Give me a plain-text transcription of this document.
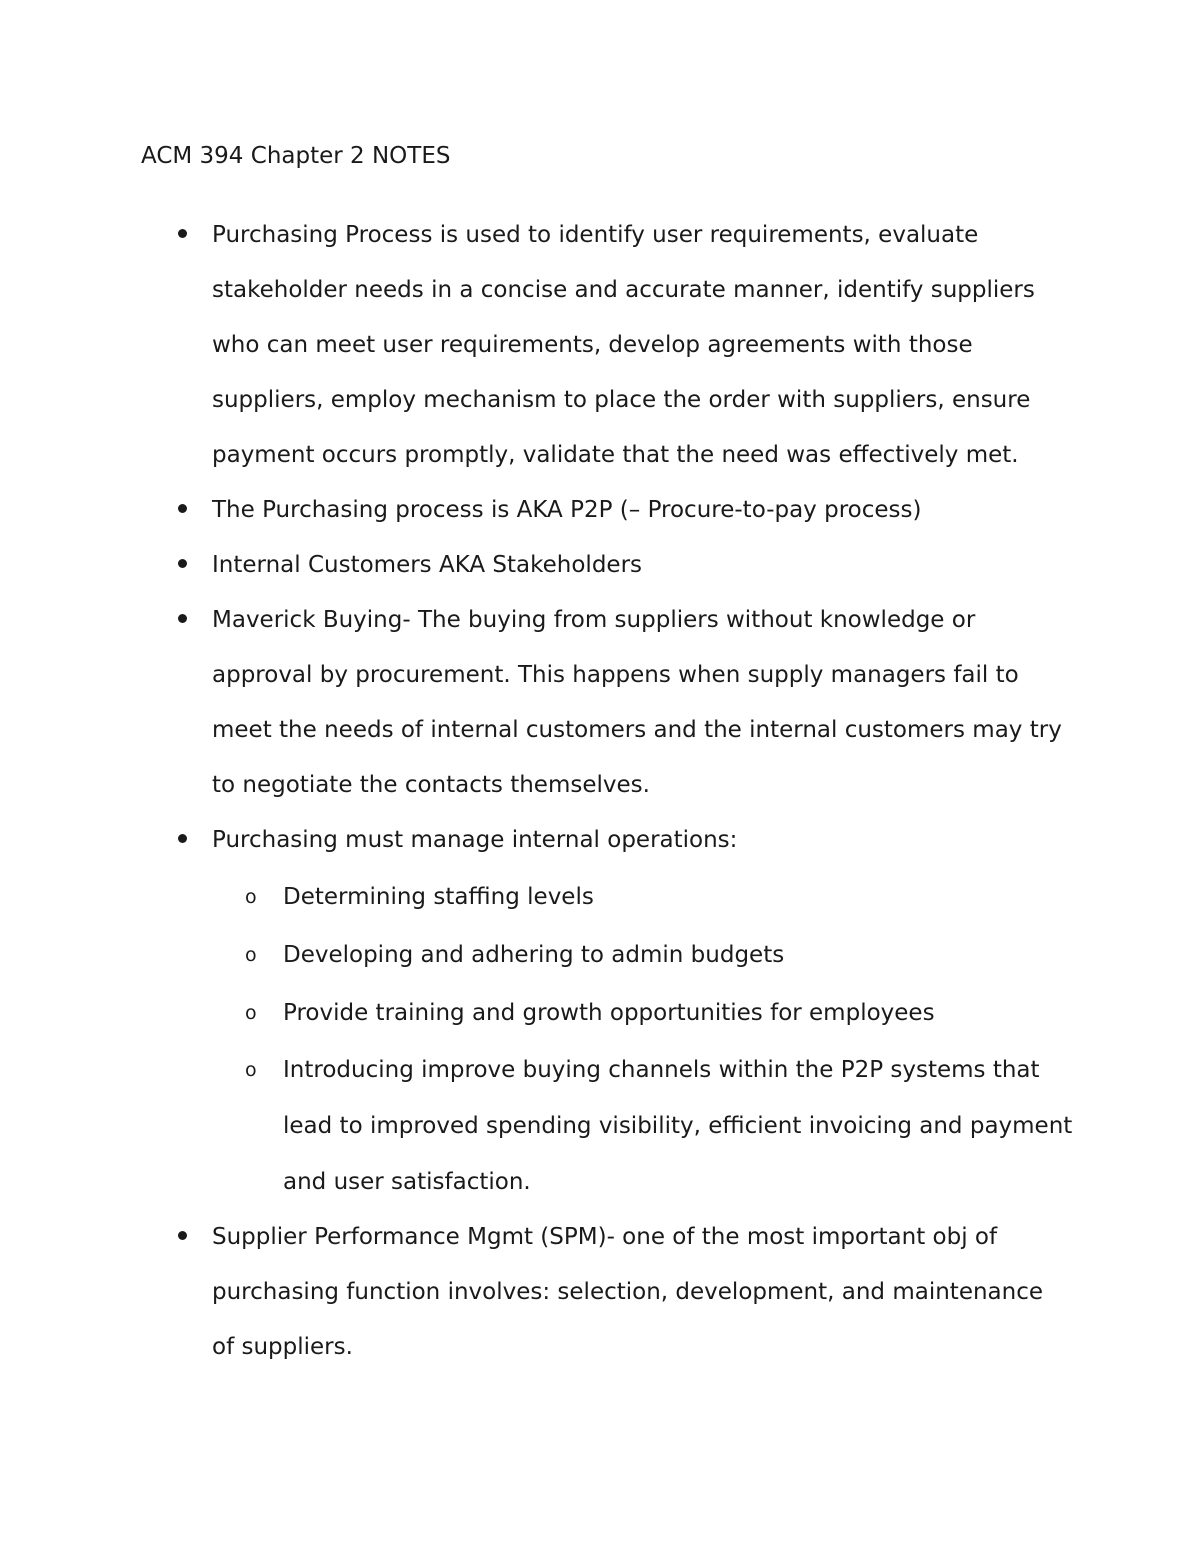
ACM 394 Chapter 2 NOTES
Purchasing Process is used to identify user requirements, evaluate stakeholder needs in a concise and accurate manner, identify suppliers who can meet user requirements, develop agreements with those suppliers, employ mechanism to place the order with suppliers, ensure payment occurs promptly, validate that the need was effectively met.
The Purchasing process is AKA P2P (– Procure-to-pay process)
Internal Customers AKA Stakeholders
Maverick Buying- The buying from suppliers without knowledge or approval by procurement. This happens when supply managers fail to meet the needs of internal customers and the internal customers may try to negotiate the contacts themselves.
Purchasing must manage internal operations:
o Determining staffing levels
o Developing and adhering to admin budgets
o Provide training and growth opportunities for employees
o Introducing improve buying channels within the P2P systems that lead to improved spending visibility, efficient invoicing and payment and user satisfaction.
Supplier Performance Mgmt (SPM)- one of the most important obj of purchasing function involves: selection, development, and maintenance of suppliers.
